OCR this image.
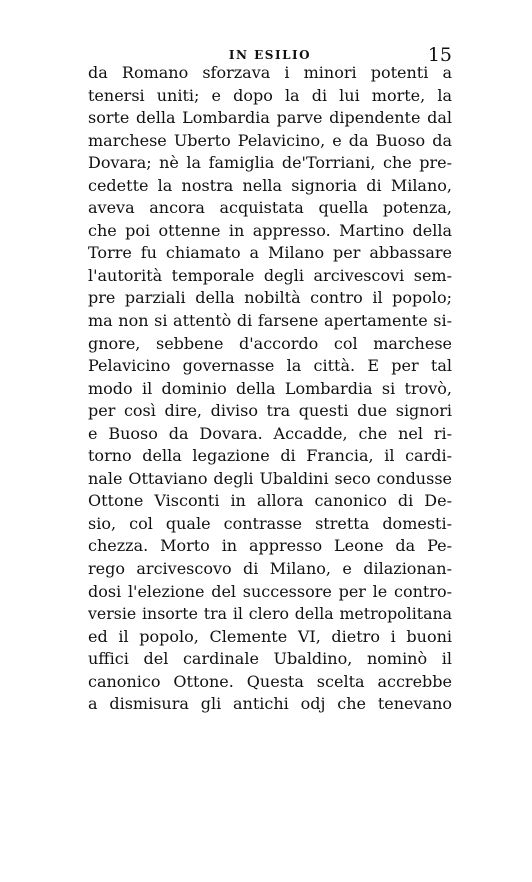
IN ESILIO	15
da Romano sforzava i minori potenti a
tenersi uniti; e dopo la di lui morte, la
sorte della Lombardia parve dipendente dal
marchese Uberto Pelavicino, e da Buoso da
Dovara; nè la famiglia de'Torriani, che pre-
cedette la nostra nella signoria di Milano,
aveva ancora acquistata quella potenza,
che poi ottenne in appresso. Martino della
Torre fu chiamato a Milano per abbassare
l'autorità temporale degli arcivescovi sem-
pre parziali della nobiltà contro il popolo;
ma non si attentò di farsene apertamente si-
gnore, sebbene d'accordo col marchese
Pelavicino governasse la città. E per tal
modo il dominio della Lombardia si trovò,
per così dire, diviso tra questi due signori
e Buoso da Dovara. Accadde, che nel ri-
torno della legazione di Francia, il cardi-
nale Ottaviano degli Ubaldini seco condusse
Ottone Visconti in allora canonico di De-
sio, col quale contrasse stretta domesti-
chezza. Morto in appresso Leone da Pe-
rego arcivescovo di Milano, e dilazionan-
dosi l'elezione del successore per le contro-
versie insorte tra il clero della metropolitana
ed il popolo, Clemente VI, dietro i buoni
uffici del cardinale Ubaldino, nominò il
canonico Ottone. Questa scelta accrebbe
a dismisura gli antichi odj che tenevano
